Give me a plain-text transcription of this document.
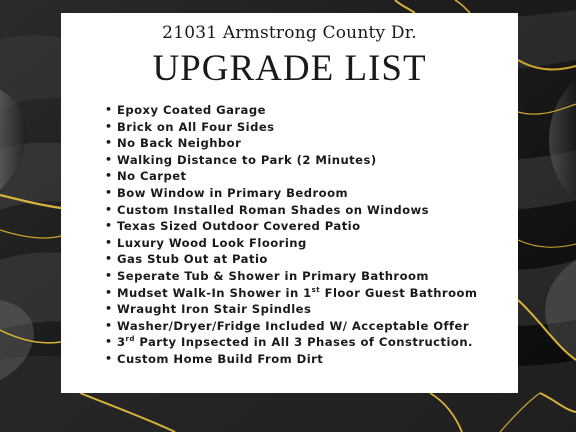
21031 Armstrong County Dr.
UPGRADE LIST
• Epoxy Coated Garage
• Brick on All Four Sides
• No Back Neighbor
• Walking Distance to Park (2 Minutes)
• No Carpet
• Bow Window in Primary Bedroom
• Custom Installed Roman Shades on Windows
• Texas Sized Outdoor Covered Patio
• Luxury Wood Look Flooring
• Gas Stub Out at Patio
• Seperate Tub & Shower in Primary Bathroom
• Mudset Walk-In Shower in 1st Floor Guest Bathroom
• Wraught Iron Stair Spindles
• Washer/Dryer/Fridge Included W/ Acceptable Offer
• 3rd Party Inpsected in All 3 Phases of Construction.
• Custom Home Build From Dirt
